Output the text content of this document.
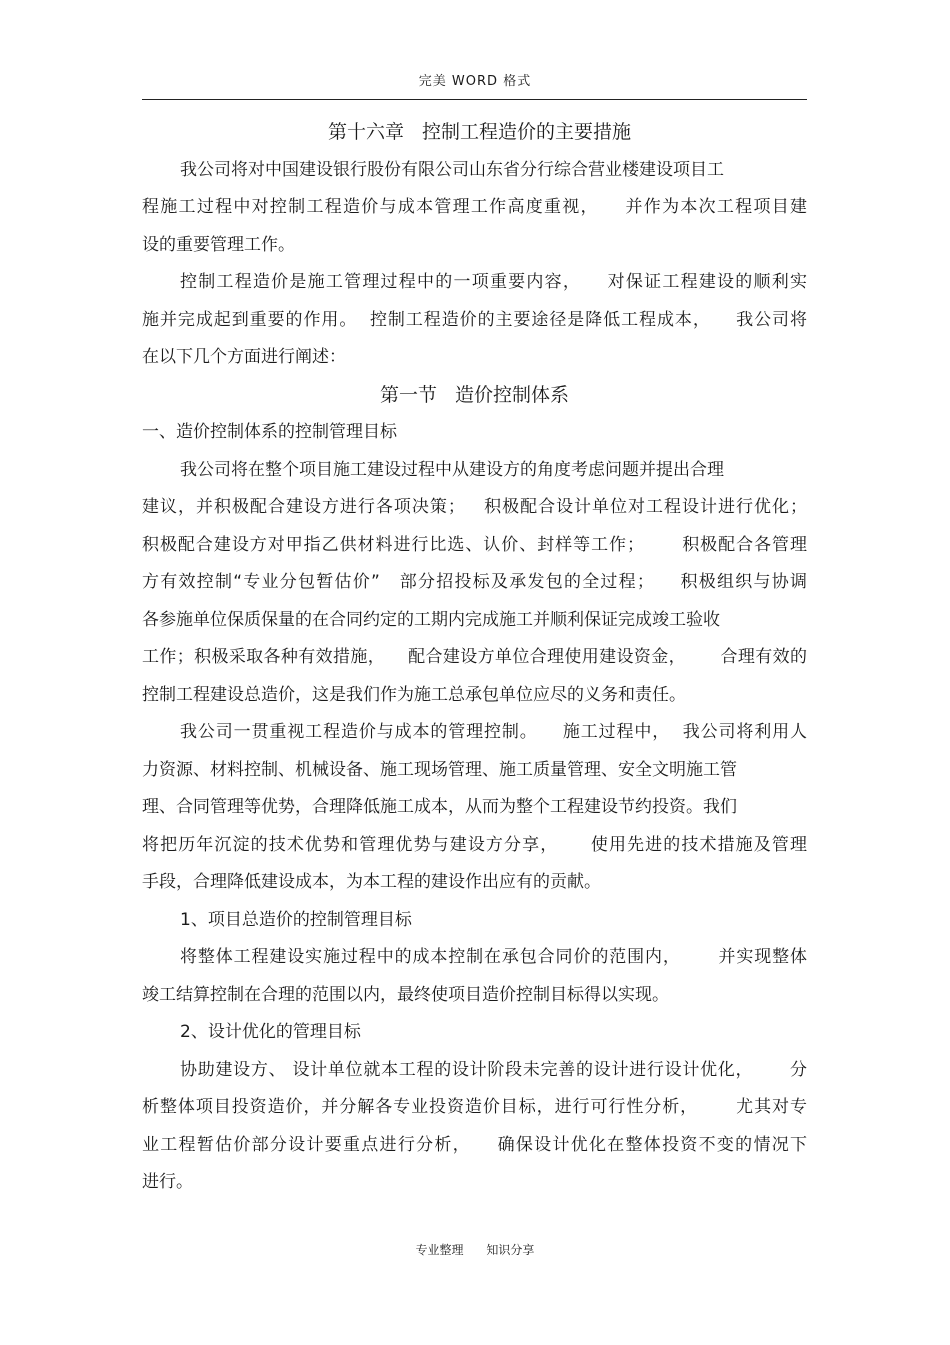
完美 WORD 格式
第十六章   控制工程造价的主要措施
我公司将对中国建设银行股份有限公司山东省分行综合营业楼建设项目工
程施工过程中对控制工程造价与成本管理工作高度重视，    并作为本次工程项目建
设的重要管理工作。
控制工程造价是施工管理过程中的一项重要内容，    对保证工程建设的顺利实
施并完成起到重要的作用。  控制工程造价的主要途径是降低工程成本，    我公司将
在以下几个方面进行阐述：
第一节   造价控制体系
一、造价控制体系的控制管理目标
我公司将在整个项目施工建设过程中从建设方的角度考虑问题并提出合理
建议，并积极配合建设方进行各项决策；   积极配合设计单位对工程设计进行优化；
积极配合建设方对甲指乙供材料进行比选、认价、封样等工作；      积极配合各管理
方有效控制“专业分包暂估价”   部分招投标及承发包的全过程；    积极组织与协调
各参施单位保质保量的在合同约定的工期内完成施工并顺利保证完成竣工验收
工作；积极采取各种有效措施，    配合建设方单位合理使用建设资金，      合理有效的
控制工程建设总造价，这是我们作为施工总承包单位应尽的义务和责任。
我公司一贯重视工程造价与成本的管理控制。    施工过程中，  我公司将利用人
力资源、材料控制、机械设备、施工现场管理、施工质量管理、安全文明施工管
理、合同管理等优势，合理降低施工成本，从而为整个工程建设节约投资。我们
将把历年沉淀的技术优势和管理优势与建设方分享，     使用先进的技术措施及管理
手段，合理降低建设成本，为本工程的建设作出应有的贡献。
1、项目总造价的控制管理目标
将整体工程建设实施过程中的成本控制在承包合同价的范围内，      并实现整体
竣工结算控制在合理的范围以内，最终使项目造价控制目标得以实现。
2、设计优化的管理目标
协助建设方、 设计单位就本工程的设计阶段未完善的设计进行设计优化，      分
析整体项目投资造价，并分解各专业投资造价目标，进行可行性分析，      尤其对专
业工程暂估价部分设计要重点进行分析，    确保设计优化在整体投资不变的情况下
进行。
专业整理      知识分享
